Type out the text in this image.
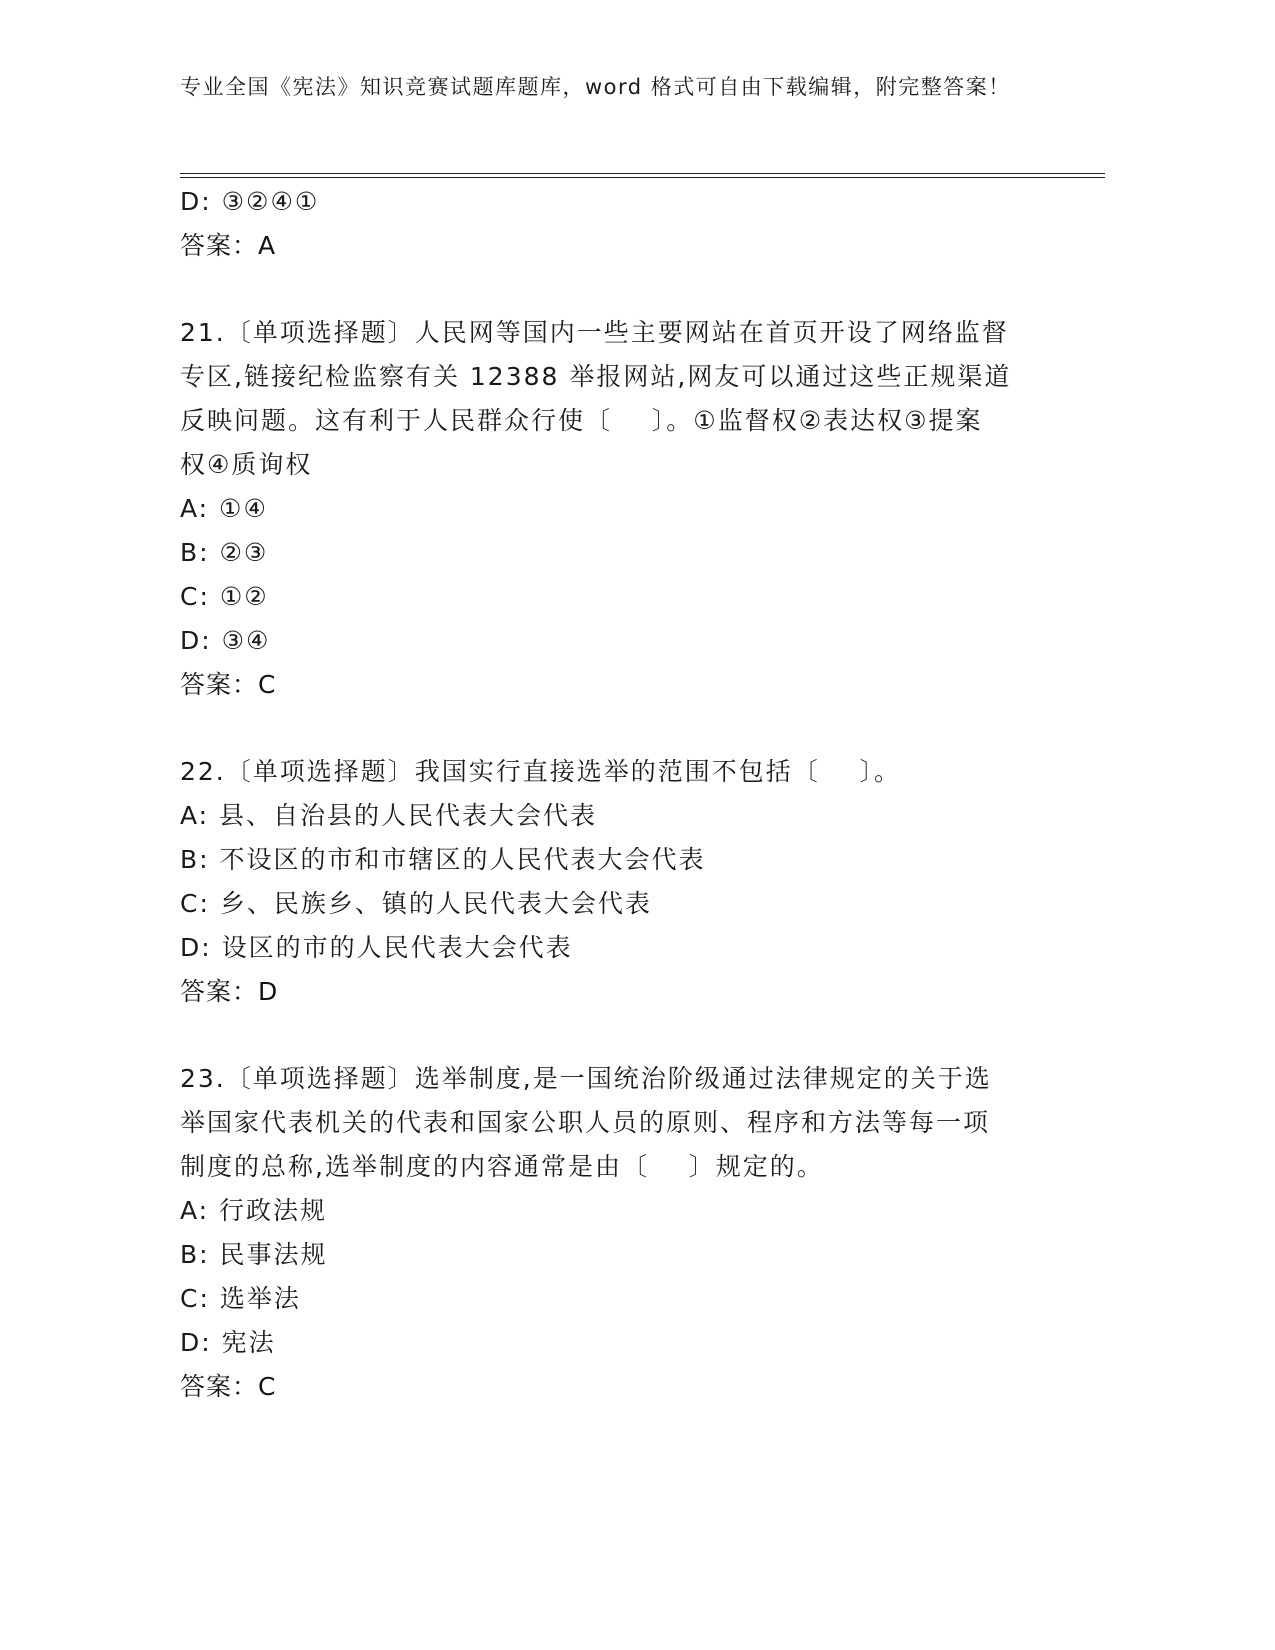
专业全国《宪法》知识竞赛试题库题库，word 格式可自由下载编辑，附完整答案！
D: ③②④①
答案：A
21.〔单项选择题〕人民网等国内一些主要网站在首页开设了网络监督
专区,链接纪检监察有关 12388 举报网站,网友可以通过这些正规渠道
反映问题。这有利于人民群众行使〔    〕。①监督权②表达权③提案
权④质询权
A: ①④
B: ②③
C: ①②
D: ③④
答案：C
22.〔单项选择题〕我国实行直接选举的范围不包括〔    〕。
A: 县、自治县的人民代表大会代表
B: 不设区的市和市辖区的人民代表大会代表
C: 乡、民族乡、镇的人民代表大会代表
D: 设区的市的人民代表大会代表
答案：D
23.〔单项选择题〕选举制度,是一国统治阶级通过法律规定的关于选
举国家代表机关的代表和国家公职人员的原则、程序和方法等每一项
制度的总称,选举制度的内容通常是由〔    〕规定的。
A: 行政法规
B: 民事法规
C: 选举法
D: 宪法
答案：C
